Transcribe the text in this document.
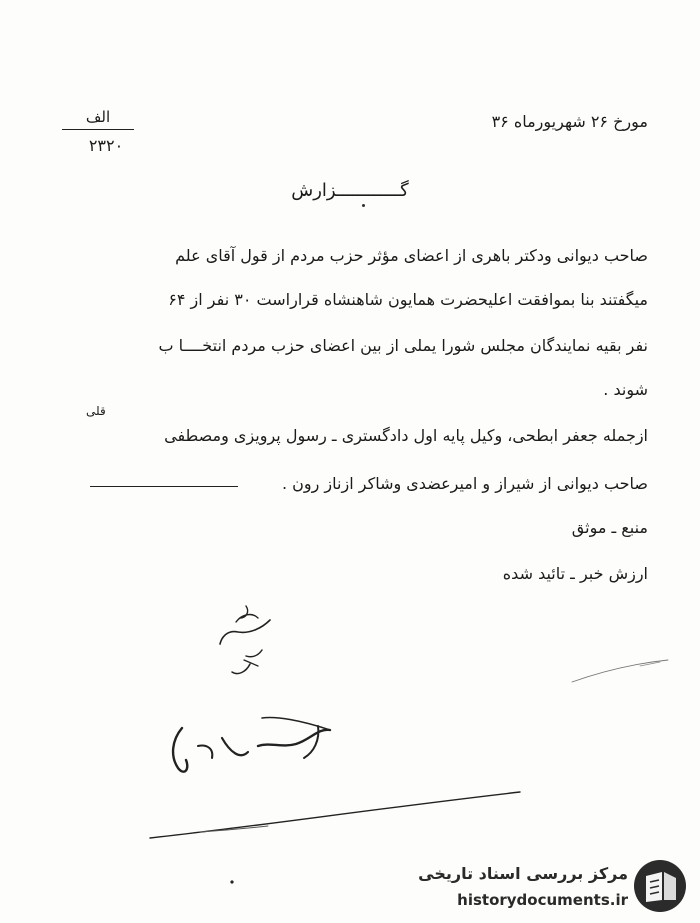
الف
۲۳۲۰
مورخ ۲۶ شهریورماه ۳۶
گــــــــــــزارش
صاحب دیوانی ودکتر باهری از اعضای مؤثر حزب مردم از قول آقای علم
میگفتند بنا بموافقت اعلیحضرت همایون شاهنشاه قراراست ۳۰ نفر از ۶۴
نفر بقیه نمایندگان مجلس شورا یملی از بین اعضای حزب مردم انتخــــا ب
شوند .
قلی
ازجمله جعفر ابطحی، وکیل پایه اول دادگستری ـ رسول پرویزی ومصطفی
صاحب دیوانی از شیراز و امیرعضدی وشاکر ازناز رون .
منبع ـ موثق
ارزش خبر ـ تائید شده
مرکز بررسی اسناد تاریخی
historydocuments.ir
